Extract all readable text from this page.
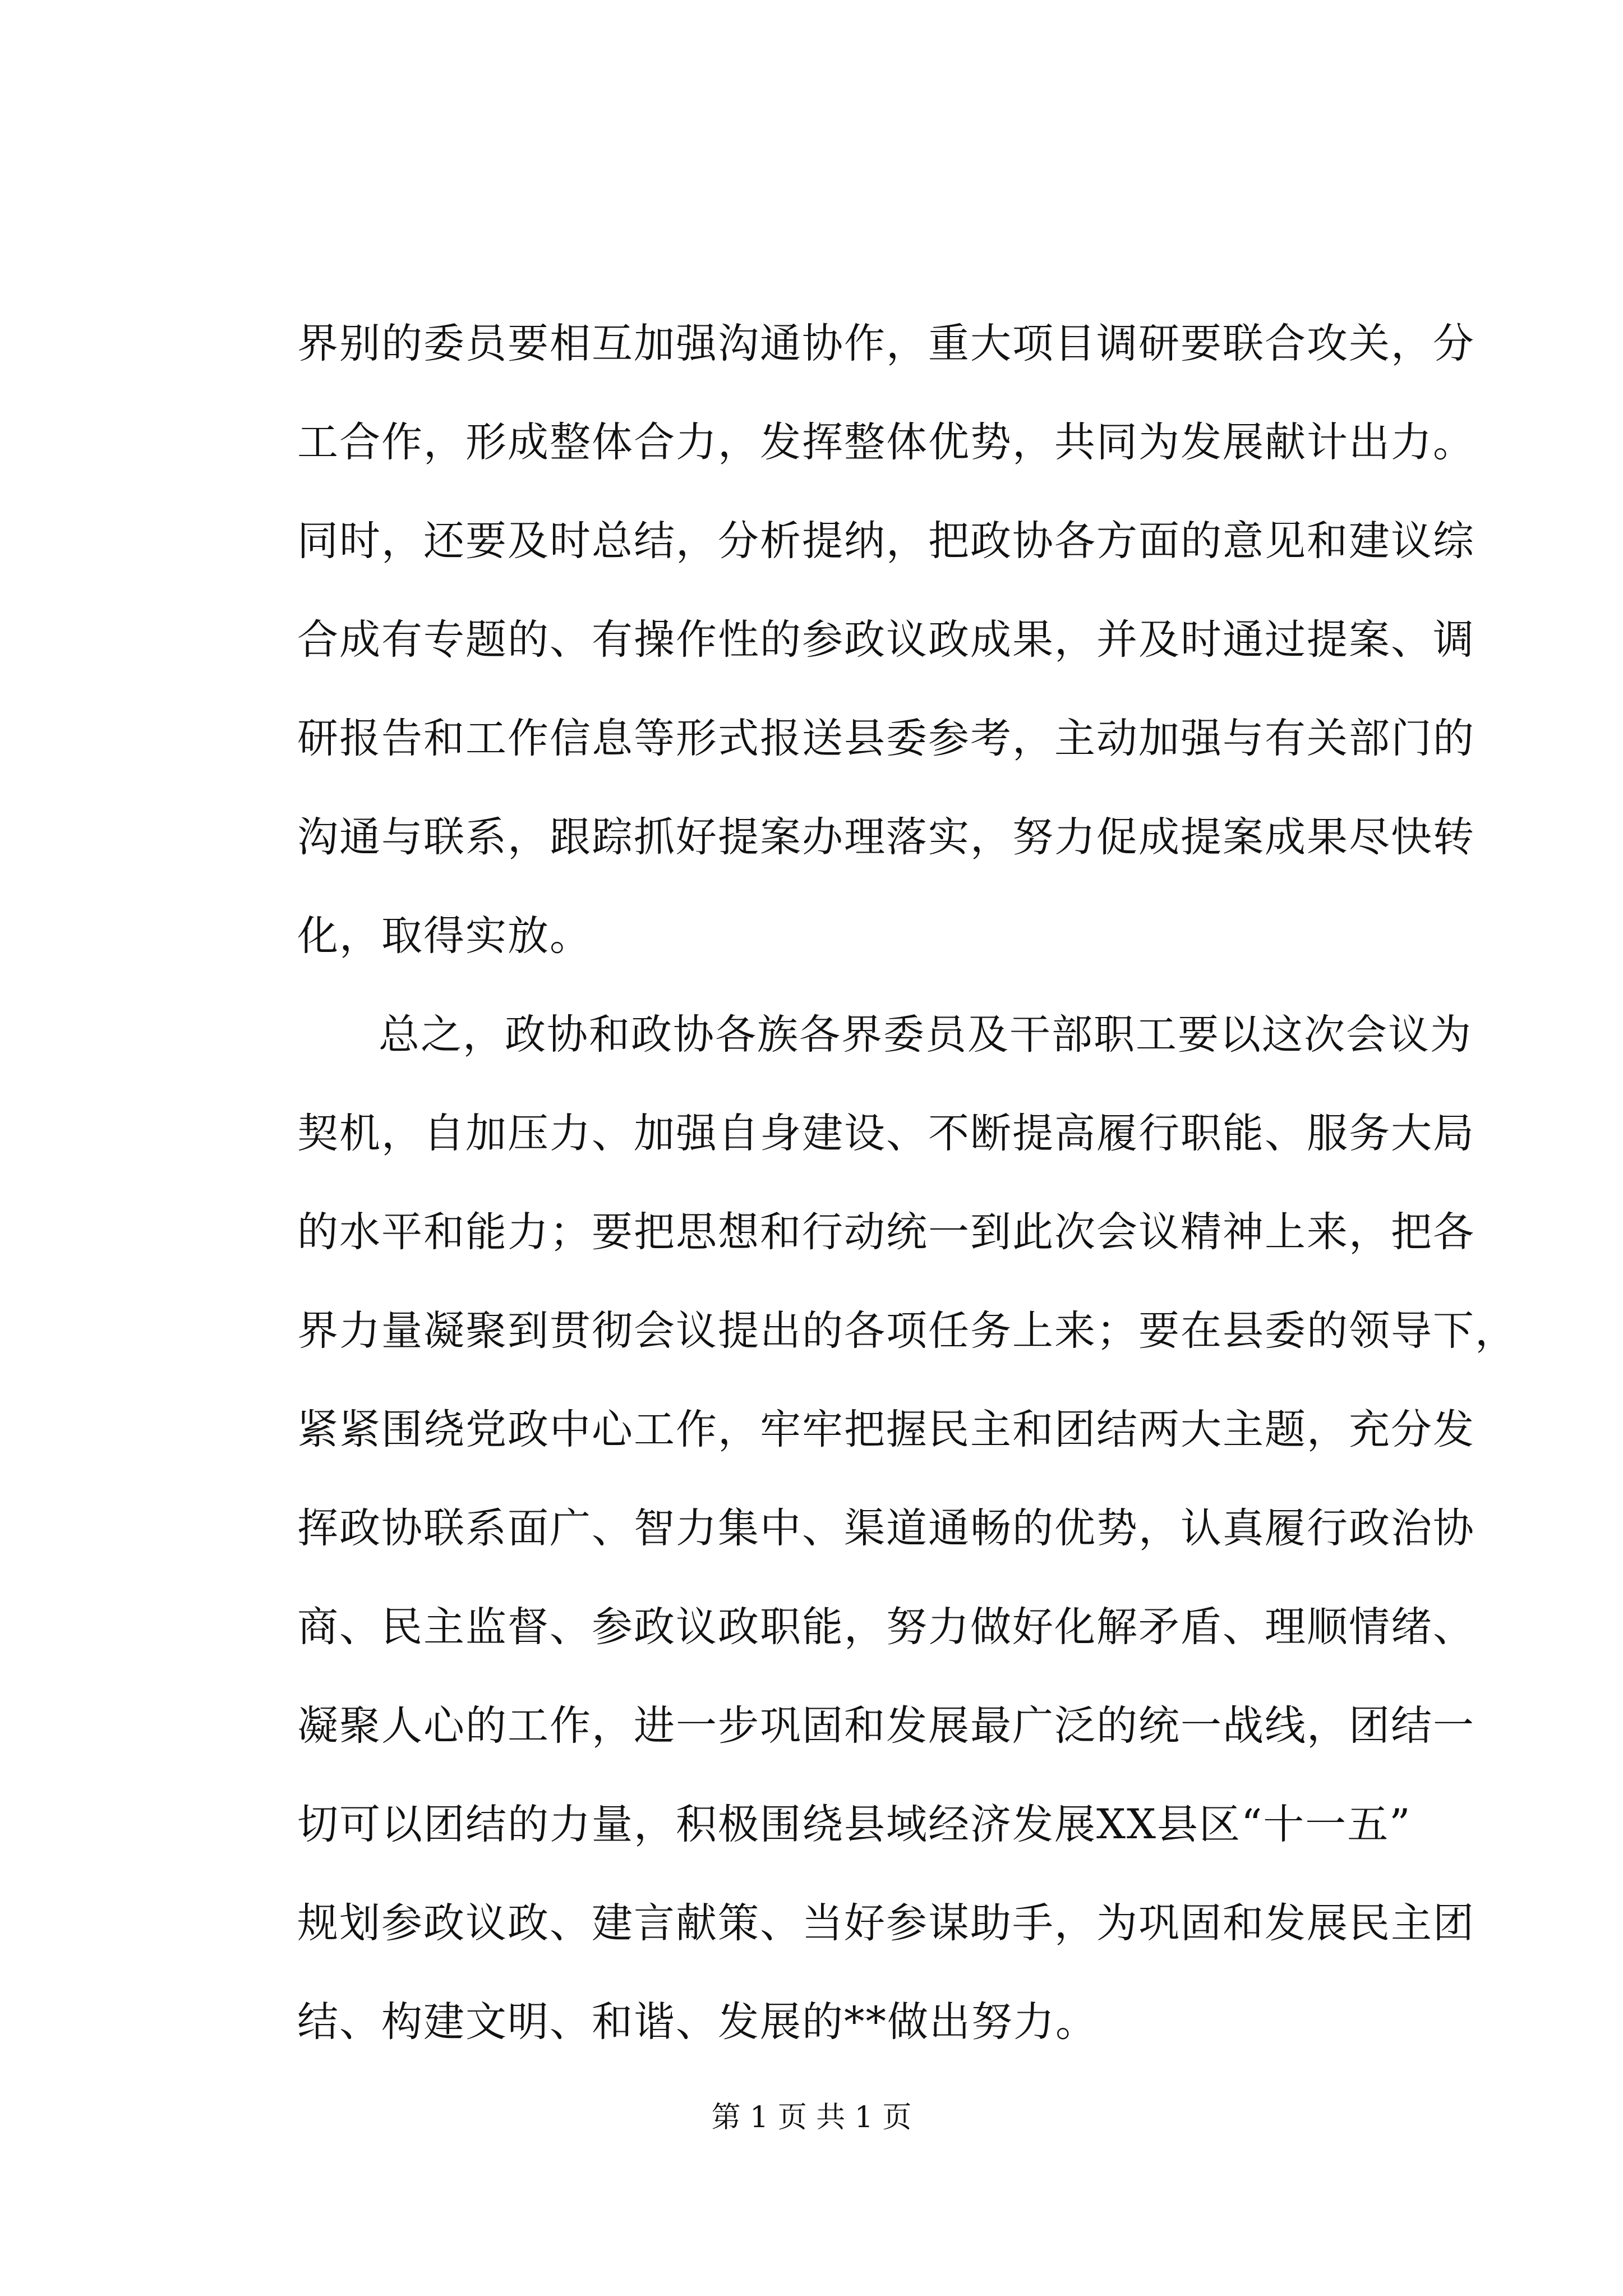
界别的委员要相互加强沟通协作，重大项目调研要联合攻关，分
工合作，形成整体合力，发挥整体优势，共同为发展献计出力。
同时，还要及时总结，分析提纳，把政协各方面的意见和建议综
合成有专题的、有操作性的参政议政成果，并及时通过提案、调
研报告和工作信息等形式报送县委参考，主动加强与有关部门的
沟通与联系，跟踪抓好提案办理落实，努力促成提案成果尽快转
化，取得实放。
总之，政协和政协各族各界委员及干部职工要以这次会议为
契机，自加压力、加强自身建设、不断提高履行职能、服务大局
的水平和能力；要把思想和行动统一到此次会议精神上来，把各
界力量凝聚到贯彻会议提出的各项任务上来；要在县委的领导下，
紧紧围绕党政中心工作，牢牢把握民主和团结两大主题，充分发
挥政协联系面广、智力集中、渠道通畅的优势，认真履行政治协
商、民主监督、参政议政职能，努力做好化解矛盾、理顺情绪、
凝聚人心的工作，进一步巩固和发展最广泛的统一战线，团结一
切可以团结的力量，积极围绕县域经济发展XX县区“十一五”
规划参政议政、建言献策、当好参谋助手，为巩固和发展民主团
结、构建文明、和谐、发展的**做出努力。
第 1 页 共 1 页
